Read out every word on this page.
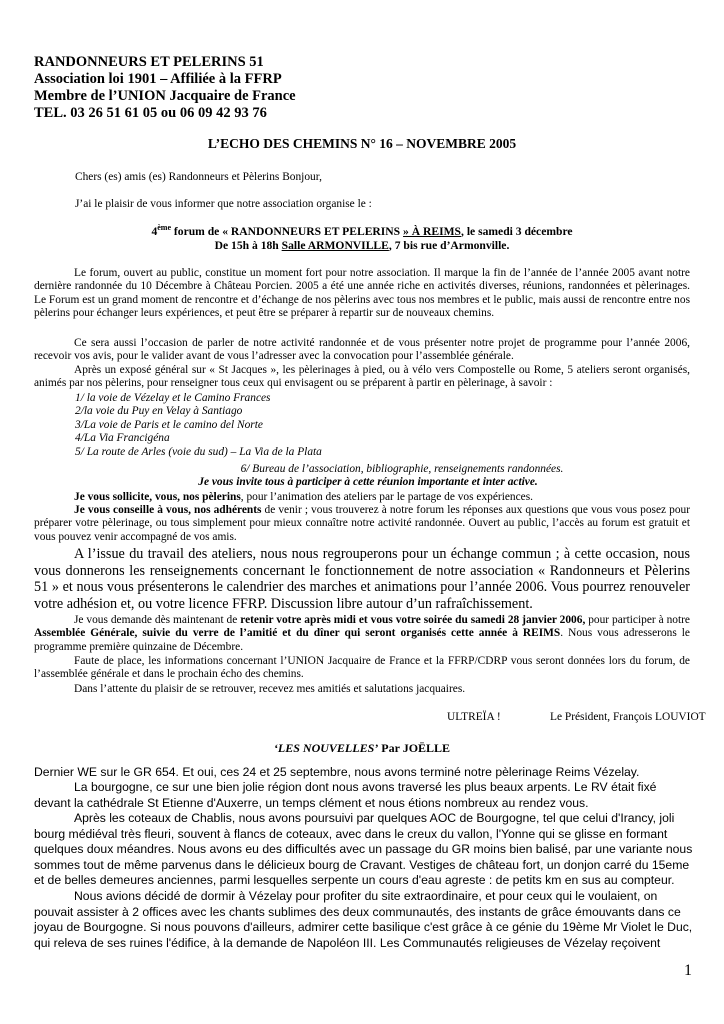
RANDONNEURS ET PELERINS 51
Association loi 1901 – Affiliée à la FFRP
Membre de l’UNION Jacquaire de France
TEL. 03 26 51 61 05 ou 06 09 42 93 76
L’ECHO DES CHEMINS N° 16 – NOVEMBRE 2005
Chers (es) amis (es) Randonneurs et Pèlerins Bonjour,
J’ai le plaisir de vous informer que notre association organise le :
4ème forum de « RANDONNEURS ET PELERINS » À REIMS, le samedi 3 décembre
De 15h à 18h Salle ARMONVILLE, 7 bis rue d’Armonville.
Le forum, ouvert au public, constitue un moment fort pour notre association. Il marque la fin de l’année de l’année 2005 avant notre dernière randonnée du 10 Décembre à Château Porcien. 2005 a été une année riche en activités diverses, réunions, randonnées et pèlerinages. Le Forum est un grand moment de rencontre et d’échange de nos pèlerins avec tous nos membres et le public, mais aussi de rencontre entre nos pèlerins pour échanger leurs expériences, et peut être se préparer à repartir sur de nouveaux chemins.
Ce sera aussi l’occasion de parler de notre activité randonnée et de vous présenter notre projet de programme pour l’année 2006, recevoir vos avis, pour le valider avant de vous l’adresser avec la convocation pour l’assemblée générale.
Après un exposé général sur « St Jacques », les pèlerinages à pied, ou à vélo vers Compostelle ou Rome, 5 ateliers seront organisés, animés par nos pèlerins, pour renseigner tous ceux qui envisagent ou se préparent à partir en pèlerinage, à savoir :
1/ la voie de Vézelay et le Camino Frances
2/la voie du Puy en Velay à Santiago
3/La voie de Paris et le camino del Norte
4/La Via Francigéna
5/ La route de Arles (voie du sud) – La Via de la Plata
6/ Bureau de l’association, bibliographie, renseignements randonnées.
Je vous invite tous à participer à cette réunion importante et inter active.
Je vous sollicite, vous, nos pèlerins, pour l’animation des ateliers par le partage de vos expériences.
Je vous conseille à vous, nos adhérents de venir ; vous trouverez à notre forum les réponses aux questions que vous vous posez pour préparer votre pèlerinage, ou tous simplement pour mieux connaître notre activité randonnée. Ouvert au public, l’accès au forum est gratuit et vous pouvez venir accompagné de vos amis.
A l’issue du travail des ateliers, nous nous regrouperons pour un échange commun ; à cette occasion, nous vous donnerons les renseignements concernant le fonctionnement de notre association « Randonneurs et Pèlerins 51 » et nous vous présenterons le calendrier des marches et animations pour l’année 2006. Vous pourrez renouveler votre adhésion et, ou votre licence FFRP. Discussion libre autour d’un rafraîchissement.
Je vous demande dès maintenant de retenir votre après midi et vous votre soirée du samedi 28 janvier 2006, pour participer à notre Assemblée Générale, suivie du verre de l’amitié et du dîner qui seront organisés cette année à REIMS. Nous vous adresserons le programme première quinzaine de Décembre.
Faute de place, les informations concernant l’UNION Jacquaire de France et la FFRP/CDRP vous seront données lors du forum, de l’assemblée générale et dans le prochain écho des chemins.
Dans l’attente du plaisir de se retrouver, recevez mes amitiés et salutations jacquaires.
ULTREÏA !	Le Président, François LOUVIOT
‘LES NOUVELLES’ Par JOËLLE
Dernier WE sur le GR 654. Et oui, ces 24 et 25 septembre, nous avons terminé notre pèlerinage Reims Vézelay.
La bourgogne, ce sur une bien jolie région dont nous avons traversé les plus beaux arpents. Le RV était fixé devant la cathédrale St Etienne d'Auxerre, un temps clément et nous étions nombreux au rendez vous.
Après les coteaux de Chablis, nous avons poursuivi par quelques AOC de Bourgogne, tel que celui d'Irancy, joli bourg médiéval très fleuri, souvent à flancs de coteaux, avec dans le creux du vallon, l'Yonne qui se glisse en formant quelques doux méandres. Nous avons eu des difficultés avec un passage du GR moins bien balisé, par une variante nous sommes tout de même parvenus dans le délicieux bourg de Cravant. Vestiges de château fort, un donjon carré du 15eme et de belles demeures anciennes, parmi lesquelles serpente un cours d'eau agreste : de petits km en sus au compteur.
Nous avions décidé de dormir à Vézelay pour profiter du site extraordinaire, et pour ceux qui le voulaient, on pouvait assister à 2 offices avec les chants sublimes des deux communautés, des instants de grâce émouvants dans ce joyau de Bourgogne. Si nous pouvons d'ailleurs, admirer cette basilique c'est grâce à ce génie du 19ème Mr Violet le Duc, qui releva de ses ruines l'édifice, à la demande de Napoléon III. Les Communautés religieuses de Vézelay reçoivent
1
